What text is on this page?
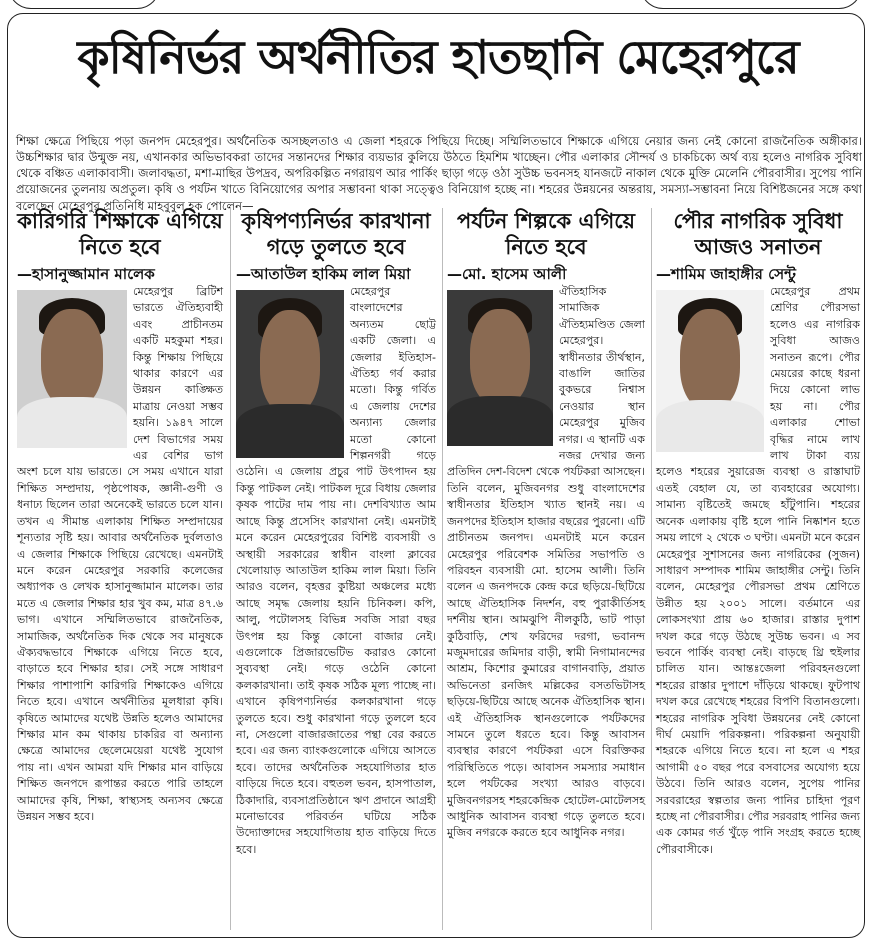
কৃষিনির্ভর অর্থনীতির হাতছানি মেহেরপুরে

শিক্ষা ক্ষেত্রে পিছিয়ে পড়া জনপদ মেহেরপুর। অর্থনৈতিক অসচ্ছলতাও এ জেলা শহরকে পিছিয়ে দিচ্ছে। সম্মিলিতভাবে শিক্ষাকে এগিয়ে নেয়ার জন্য নেই কোনো রাজনৈতিক অঙ্গীকার। উচ্চশিক্ষার দ্বার উন্মুক্ত নয়, এখানকার অভিভাবকরা তাদের সন্তানদের শিক্ষার ব্যয়ভার কুলিয়ে উঠতে হিমশিম খাচ্ছেন। পৌর এলাকার সৌন্দর্য ও চাকচিক্যে অর্থ ব্যয় হলেও নাগরিক সুবিধা থেকে বঞ্চিত এলাকাবাসী। জলাবদ্ধতা, মশা-মাছির উপদ্রব, অপরিকল্পিত নগরায়ণ আর পার্কিং ছাড়া গড়ে ওঠা সুউচ্চ ভবনসহ যানজটে নাকাল থেকে মুক্তি মেলেনি পৌরবাসীর। সুপেয় পানি প্রয়োজনের তুলনায় অপ্রতুল। কৃষি ও পর্যটন খাতে বিনিয়োগের অপার সম্ভাবনা থাকা সত্ত্বেও বিনিয়োগ হচ্ছে না। শহরের উন্নয়নের অন্তরায়, সমস্যা-সম্ভাবনা নিয়ে বিশিষ্টজনের সঙ্গে কথা বলেছেন মেহেরপুর প্রতিনিধি মাহবুবুল হক পোলেন—

কারিগরি শিক্ষাকে এগিয়ে নিতে হবে
—হাসানুজ্জামান মালেক

মেহেরপুর ব্রিটিশ ভারতে ঐতিহ্যবাহী এবং প্রাচীনতম একটি মহকুমা শহর। কিন্তু শিক্ষায় পিছিয়ে থাকার কারণে এর উন্নয়ন কাঙ্ক্ষিত মাত্রায় নেওয়া সম্ভব হয়নি। ১৯৪৭ সালে দেশ বিভাগের সময় এর বেশির ভাগ অংশ চলে যায় ভারতে। সে সময় এখানে যারা শিক্ষিত সম্প্রদায়, পৃষ্ঠপোষক, জ্ঞানী-গুণী ও ধনাঢ্য ছিলেন তারা অনেকেই ভারতে চলে যান। তখন এ সীমান্ত এলাকায় শিক্ষিত সম্প্রদায়ের শূন্যতার সৃষ্টি হয়। আবার অর্থনৈতিক দুর্বলতাও এ জেলার শিক্ষাকে পিছিয়ে রেখেছে। এমনটাই মনে করেন মেহেরপুর সরকারি কলেজের অধ্যাপক ও লেখক হাসানুজ্জামান মালেক। তার মতে এ জেলার শিক্ষার হার খুব কম, মাত্র ৪৭.৬ ভাগ। এখানে সম্মিলিতভাবে রাজনৈতিক, সামাজিক, অর্থনৈতিক দিক থেকে সব মানুষকে ঐক্যবদ্ধভাবে শিক্ষাকে এগিয়ে নিতে হবে, বাড়াতে হবে শিক্ষার হার। সেই সঙ্গে সাধারণ শিক্ষার পাশাপাশি কারিগরি শিক্ষাকেও এগিয়ে নিতে হবে। এখানে অর্থনীতির মূলধারা কৃষি। কৃষিতে আমাদের যথেষ্ট উন্নতি হলেও আমাদের শিক্ষার মান কম থাকায় চাকরির বা অন্যান্য ক্ষেত্রে আমাদের ছেলেমেয়েরা যথেষ্ট সুযোগ পায় না। এখন আমরা যদি শিক্ষার মান বাড়িয়ে শিক্ষিত জনপদে রূপান্তর করতে পারি তাহলে আমাদের কৃষি, শিক্ষা, স্বাস্থ্যসহ অন্যসব ক্ষেত্রে উন্নয়ন সম্ভব হবে।

কৃষিপণ্যনির্ভর কারখানা গড়ে তুলতে হবে
—আতাউল হাকিম লাল মিয়া

মেহেরপুর বাংলাদেশের অন্যতম ছোট্ট একটি জেলা। এ জেলার ইতিহাস-ঐতিহ্য গর্ব করার মতো। কিন্তু গর্বিত এ জেলায় দেশের অন্যান্য জেলার মতো কোনো শিল্পনগরী গড়ে ওঠেনি। এ জেলায় প্রচুর পাট উৎপাদন হয় কিন্তু পাটকল নেই। পাটকল দূরে বিধায় জেলার কৃষক পাটের দাম পায় না। দেশবিখ্যাত আম আছে কিন্তু প্রসেসিং কারখানা নেই। এমনটাই মনে করেন মেহেরপুরের বিশিষ্ট ব্যবসায়ী ও অস্থায়ী সরকারের স্বাধীন বাংলা ক্লাবের খেলোয়াড় আতাউল হাকিম লাল মিয়া। তিনি আরও বলেন, বৃহত্তর কুষ্টিয়া অঞ্চলের মধ্যে আছে সমৃদ্ধ জেলায় হয়নি চিনিকল। কপি, আলু, পটোলসহ বিভিন্ন সবজি সারা বছর উৎপন্ন হয় কিন্তু কোনো বাজার নেই। এগুলোকে প্রিজারভেটিভ করারও কোনো সুব্যবস্থা নেই। গড়ে ওঠেনি কোনো কলকারখানা। তাই কৃষক সঠিক মূল্য পাচ্ছে না। এখানে কৃষিপণ্যনির্ভর কলকারখানা গড়ে তুলতে হবে। শুধু কারখানা গড়ে তুললে হবে না, সেগুলো বাজারজাতের পন্থা বের করতে হবে। এর জন্য ব্যাংকগুলোকে এগিয়ে আসতে হবে। তাদের অর্থনৈতিক সহযোগিতার হাত বাড়িয়ে দিতে হবে। বহুতল ভবন, হাসপাতাল, ঠিকাদারি, ব্যবসাপ্রতিষ্ঠানে ঋণ প্রদানে আগ্রহী মনোভাবের পরিবর্তন ঘটিয়ে সঠিক উদ্যোক্তাদের সহযোগিতায় হাত বাড়িয়ে দিতে হবে।

পর্যটন শিল্পকে এগিয়ে নিতে হবে
—মো. হাসেম আলী

ঐতিহাসিক সামাজিক ঐতিহ্যমণ্ডিত জেলা মেহেরপুর। স্বাধীনতার তীর্থস্থান, বাঙালি জাতির বুকভরে নিশ্বাস নেওয়ার স্থান মেহেরপুর মুজিব নগর। এ স্থানটি এক নজর দেখার জন্য প্রতিদিন দেশ-বিদেশ থেকে পর্যটকরা আসছেন। তিনি বলেন, মুজিবনগর শুধু বাংলাদেশের স্বাধীনতার ইতিহাস খ্যাত স্থানই নয়। এ জনপদের ইতিহাস হাজার বছরের পুরনো। এটি প্রাচীনতম জনপদ। এমনটাই মনে করেন মেহেরপুর পরিবেশক সমিতির সভাপতি ও পরিবহন ব্যবসায়ী মো. হাসেম আলী। তিনি বলেন এ জনপদকে কেন্দ্র করে ছড়িয়ে-ছিটিয়ে আছে ঐতিহাসিক নিদর্শন, বহু পুরাকীর্তিসহ দর্শনীয় স্থান। আমঝুপি নীলকুঠি, ভাট পাড়া কুঠিবাড়ি, শেখ ফরিদের দরগা, ভবানন্দ মজুমদারের জমিদার বাড়ী, স্বামী নিগামানন্দের আশ্রম, কিশোর কুমারের বাগানবাড়ি, প্রয়াত অভিনেতা রনজিৎ মল্লিকের বসতভিটাসহ ছড়িয়ে-ছিটিয়ে আছে অনেক ঐতিহাসিক স্থান। এই ঐতিহাসিক স্থানগুলোকে পর্যটকদের সামনে তুলে ধরতে হবে। কিন্তু আবাসন ব্যবস্থার কারণে পর্যটকরা এসে বিরক্তিকর পরিস্থিতিতে পড়ে। আবাসন সমস্যার সমাধান হলে পর্যটকের সংখ্যা আরও বাড়বে। মুজিবনগরসহ শহরকেন্দ্রিক হোটেল-মোটেলসহ আধুনিক আবাসন ব্যবস্থা গড়ে তুলতে হবে। মুজিব নগরকে করতে হবে আধুনিক নগর।

পৌর নাগরিক সুবিধা আজও সনাতন
—শামিম জাহাঙ্গীর সেন্টু

মেহেরপুর প্রথম শ্রেণির পৌরসভা হলেও এর নাগরিক সুবিধা আজও সনাতন রূপে। পৌর মেয়রের কাছে ধরনা দিয়ে কোনো লাভ হয় না। পৌর এলাকার শোভা বৃদ্ধির নামে লাখ লাখ টাকা ব্যয় হলেও শহরের সুয়ারেজ ব্যবস্থা ও রাস্তাঘাট এতই বেহাল যে, তা ব্যবহারের অযোগ্য। সামান্য বৃষ্টিতেই জমছে হাঁটুপানি। শহরের অনেক এলাকায় বৃষ্টি হলে পানি নিষ্কাশন হতে সময় লাগে ২ থেকে ৩ ঘণ্টা। এমনটা মনে করেন মেহেরপুর সুশাসনের জন্য নাগরিকের (সুজন) সাধারণ সম্পাদক শামিম জাহাঙ্গীর সেন্টু। তিনি বলেন, মেহেরপুর পৌরসভা প্রথম শ্রেণিতে উন্নীত হয় ২০০১ সালে। বর্তমানে এর লোকসংখ্যা প্রায় ৬০ হাজার। রাস্তার দুপাশ দখল করে গড়ে উঠছে সুউচ্চ ভবন। এ সব ভবনে পার্কিং ব্যবস্থা নেই। বাড়ছে থ্রি হুইলার চালিত যান। আন্তঃজেলা পরিবহনগুলো শহরের রাস্তার দুপাশে দাঁড়িয়ে থাকছে। ফুটপাথ দখল করে রেখেছে শহরের বিপণি বিতানগুলো। শহরের নাগরিক সুবিধা উন্নয়নের নেই কোনো দীর্ঘ মেয়াদি পরিকল্পনা। পরিকল্পনা অনুযায়ী শহরকে এগিয়ে নিতে হবে। না হলে এ শহর আগামী ৫০ বছর পরে বসবাসের অযোগ্য হয়ে উঠবে। তিনি আরও বলেন, সুপেয় পানির সরবরাহের স্বল্পতার জন্য পানির চাহিদা পূরণ হচ্ছে না পৌরবাসীর। পৌর সরবরাহ পানির জন্য এক কোমর গর্ত খুঁড়ে পানি সংগ্রহ করতে হচ্ছে পৌরবাসীকে।
